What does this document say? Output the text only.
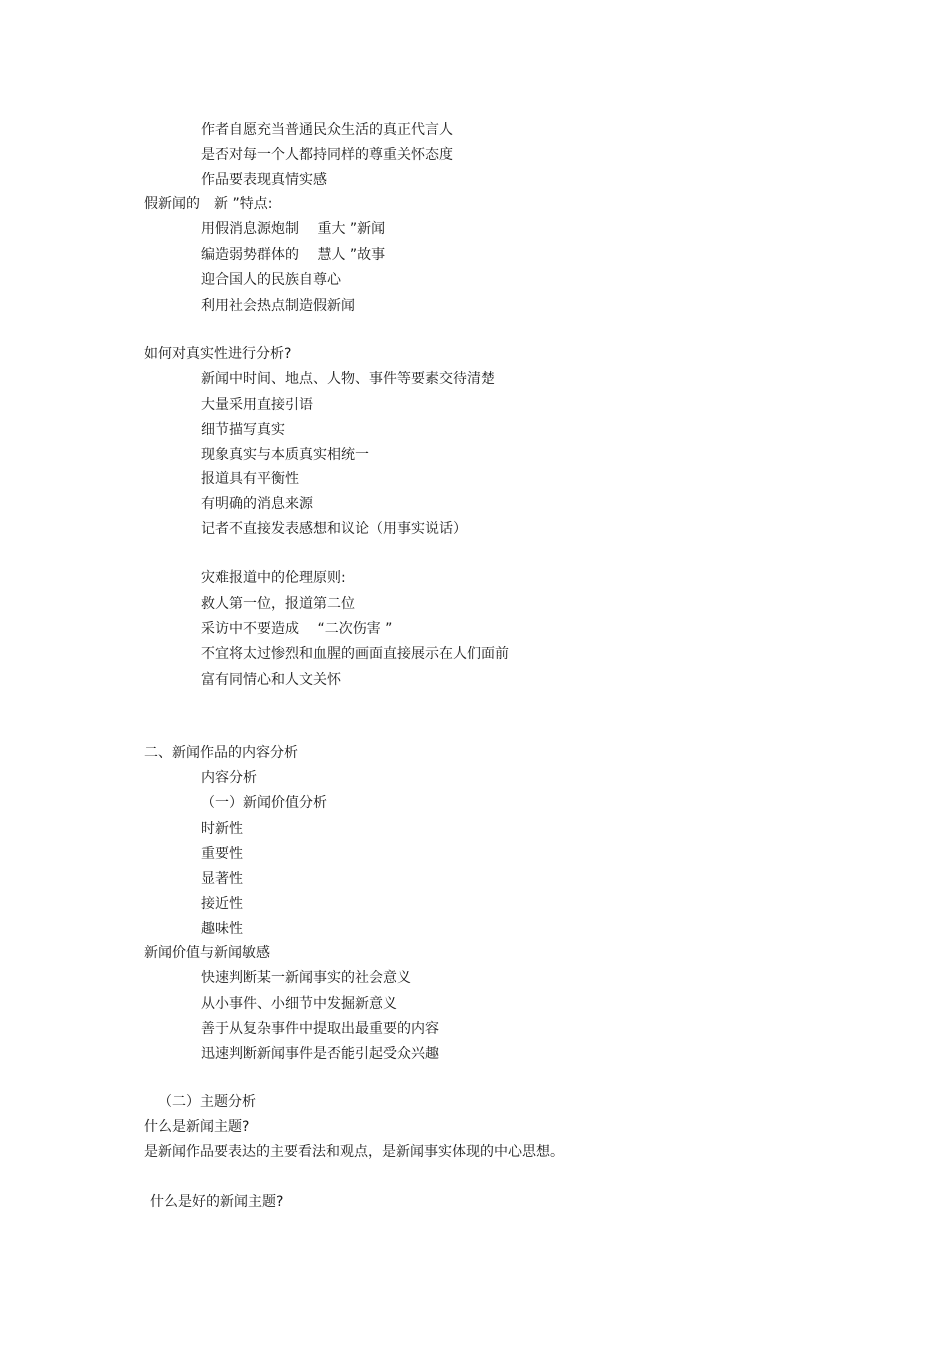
作者自愿充当普通民众生活的真正代言人
是否对每一个人都持同样的尊重关怀态度
作品要表现真情实感
假新闻的　新 ”特点:
用假消息源炮制　 重大 ”新闻
编造弱势群体的　 慧人 ”故事
迎合国人的民族自尊心
利用社会热点制造假新闻
如何对真实性进行分析?
新闻中时间、地点、人物、事件等要素交待清楚
大量采用直接引语
细节描写真实
现象真实与本质真实相统一
报道具有平衡性
有明确的消息来源
记者不直接发表感想和议论（用事实说话）
灾难报道中的伦理原则:
救人第一位，报道第二位
采访中不要造成　 “二次伤害 ”
不宜将太过惨烈和血腥的画面直接展示在人们面前
富有同情心和人文关怀
二、新闻作品的内容分析
内容分析
（一）新闻价值分析
时新性
重要性
显著性
接近性
趣味性
新闻价值与新闻敏感
快速判断某一新闻事实的社会意义
从小事件、小细节中发掘新意义
善于从复杂事件中提取出最重要的内容
迅速判断新闻事件是否能引起受众兴趣
（二）主题分析
什么是新闻主题?
是新闻作品要表达的主要看法和观点，是新闻事实体现的中心思想。
什么是好的新闻主题?
